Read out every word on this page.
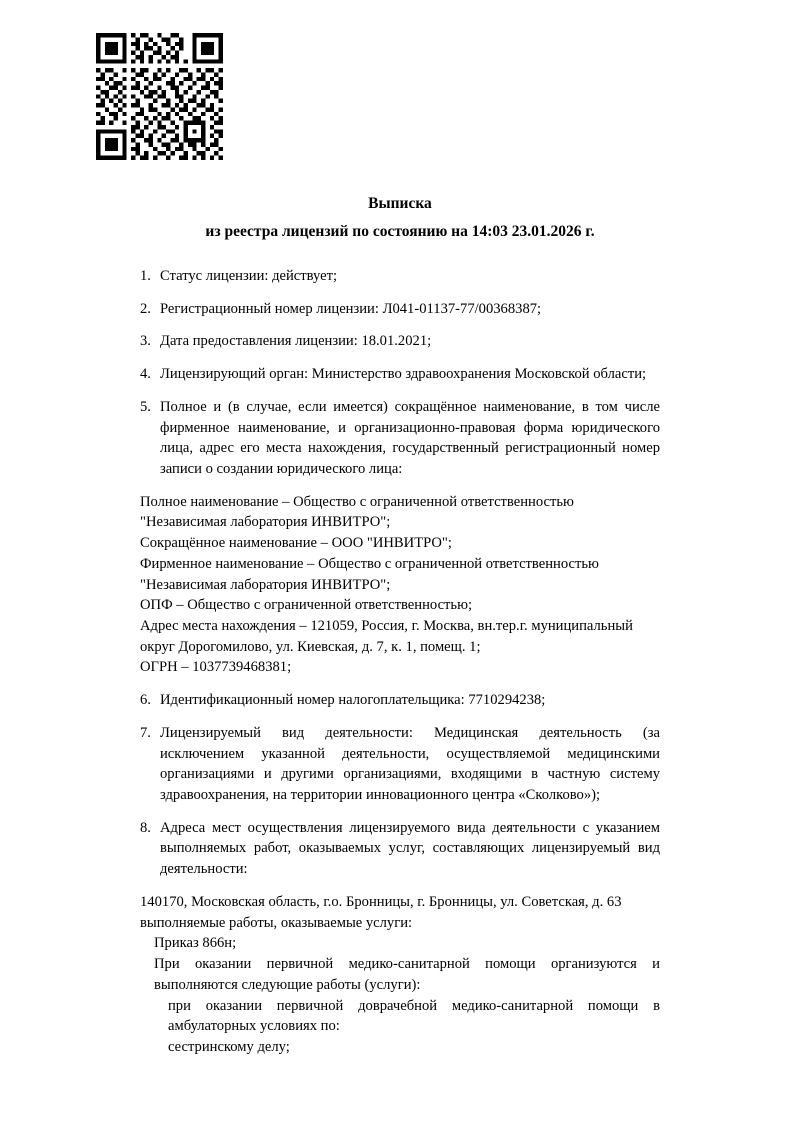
Выписка
из реестра лицензий по состоянию на 14:03 23.01.2026 г.

1. Статус лицензии: действует;

2. Регистрационный номер лицензии: Л041-01137-77/00368387;

3. Дата предоставления лицензии: 18.01.2021;

4. Лицензирующий орган: Министерство здравоохранения Московской области;

5. Полное и (в случае, если имеется) сокращённое наименование, в том числе фирменное наименование, и организационно-правовая форма юридического лица, адрес его места нахождения, государственный регистрационный номер записи о создании юридического лица:

Полное наименование – Общество с ограниченной ответственностью "Независимая лаборатория ИНВИТРО";
Сокращённое наименование – ООО "ИНВИТРО";
Фирменное наименование – Общество с ограниченной ответственностью "Независимая лаборатория ИНВИТРО";
ОПФ – Общество с ограниченной ответственностью;
Адрес места нахождения – 121059, Россия, г. Москва, вн.тер.г. муниципальный округ Дорогомилово, ул. Киевская, д. 7, к. 1, помещ. 1;
ОГРН – 1037739468381;

6. Идентификационный номер налогоплательщика: 7710294238;

7. Лицензируемый вид деятельности: Медицинская деятельность (за исключением указанной деятельности, осуществляемой медицинскими организациями и другими организациями, входящими в частную систему здравоохранения, на территории инновационного центра «Сколково»);

8. Адреса мест осуществления лицензируемого вида деятельности с указанием выполняемых работ, оказываемых услуг, составляющих лицензируемый вид деятельности:

140170, Московская область, г.о. Бронницы, г. Бронницы, ул. Советская, д. 63
выполняемые работы, оказываемые услуги:
Приказ 866н;
При оказании первичной медико-санитарной помощи организуются и выполняются следующие работы (услуги):
при оказании первичной доврачебной медико-санитарной помощи в амбулаторных условиях по:
сестринскому делу;
